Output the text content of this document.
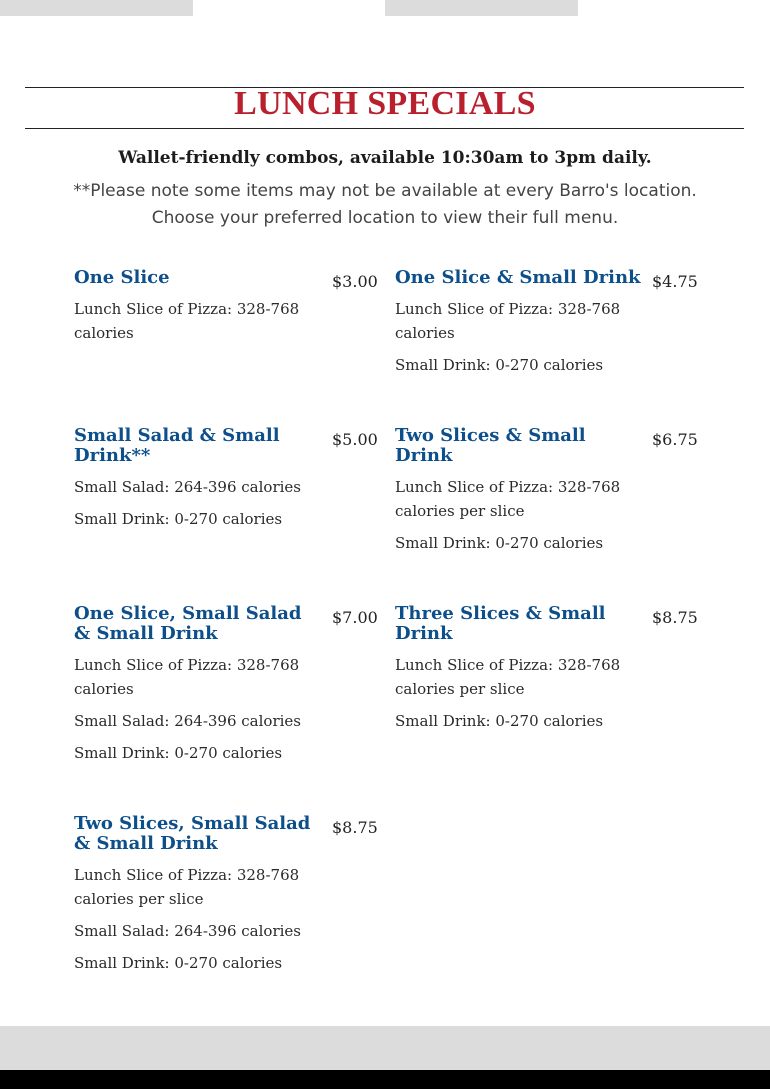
LUNCH SPECIALS
Wallet-friendly combos, available 10:30am to 3pm daily.
**Please note some items may not be available at every Barro's location. Choose your preferred location to view their full menu.
One Slice	$3.00

Lunch Slice of Pizza: 328-768 calories

One Slice & Small Drink $4.75

Lunch Slice of Pizza: 328-768 calories

Small Drink: 0-270 calories

Small Salad & Small Drink**
$5.00

Small Salad: 264-396 calories

Small Drink: 0-270 calories

Two Slices & Small Drink
$6.75

Lunch Slice of Pizza: 328-768 calories per slice

Small Drink: 0-270 calories

One Slice, Small Salad & Small Drink
$7.00

Lunch Slice of Pizza: 328-768 calories

Small Salad: 264-396 calories

Small Drink: 0-270 calories

Three Slices & Small Drink
$8.75

Lunch Slice of Pizza: 328-768 calories per slice

Small Drink: 0-270 calories

Two Slices, Small Salad & Small Drink
$8.75

Lunch Slice of Pizza: 328-768 calories per slice

Small Salad: 264-396 calories

Small Drink: 0-270 calories
